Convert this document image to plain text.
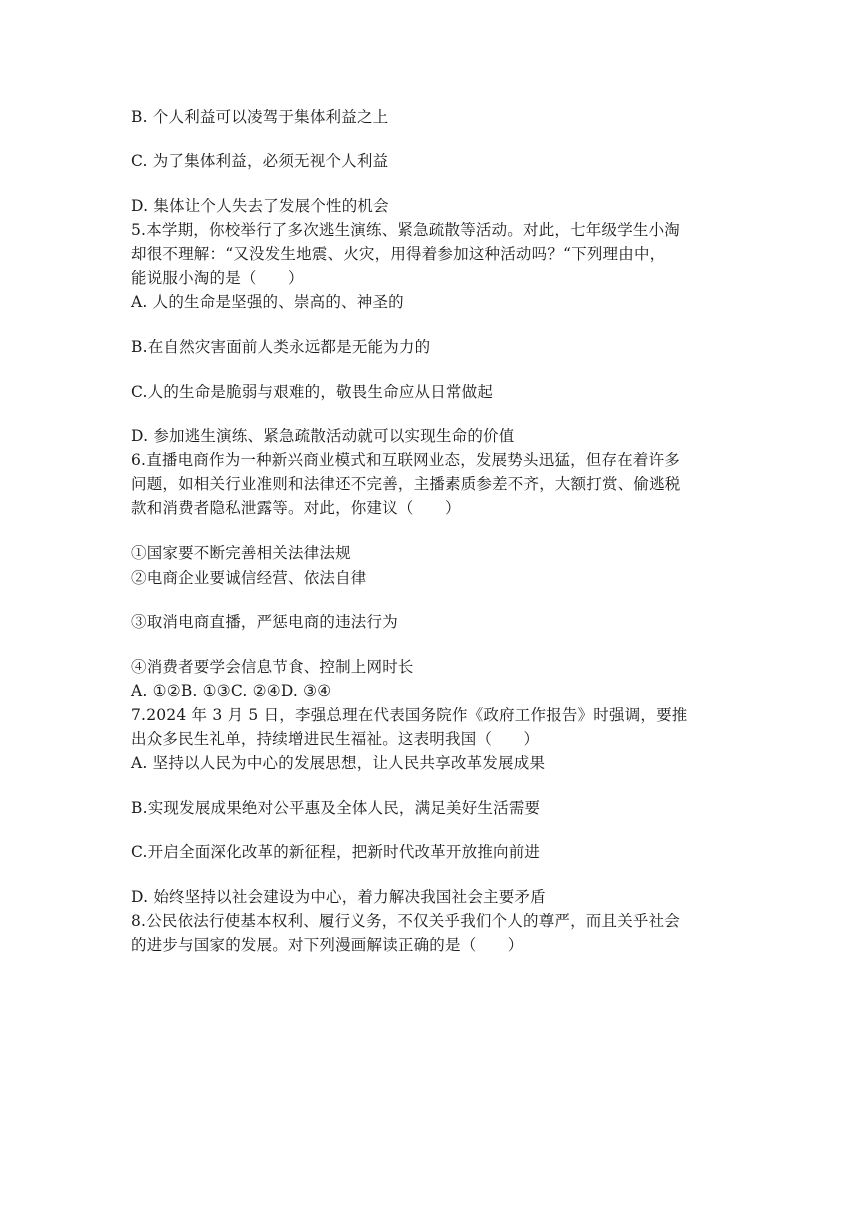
B. 个人利益可以凌驾于集体利益之上
C. 为了集体利益，必须无视个人利益
D. 集体让个人失去了发展个性的机会
5.本学期，你校举行了多次逃生演练、紧急疏散等活动。对此，七年级学生小淘
却很不理解：“又没发生地震、火灾，用得着参加这种活动吗？“下列理由中，
能说服小淘的是（　　）
A. 人的生命是坚强的、崇高的、神圣的
B.在自然灾害面前人类永远都是无能为力的
C.人的生命是脆弱与艰难的，敬畏生命应从日常做起
D. 参加逃生演练、紧急疏散活动就可以实现生命的价值
6.直播电商作为一种新兴商业模式和互联网业态，发展势头迅猛，但存在着许多
问题，如相关行业准则和法律还不完善，主播素质参差不齐，大额打赏、偷逃税
款和消费者隐私泄露等。对此，你建议（　　）
①国家要不断完善相关法律法规
②电商企业要诚信经营、依法自律
③取消电商直播，严惩电商的违法行为
④消费者要学会信息节食、控制上网时长
A. ①②B. ①③C. ②④D. ③④
7.2024 年 3 月 5 日，李强总理在代表国务院作《政府工作报告》时强调，要推
出众多民生礼单，持续增进民生福祉。这表明我国（　　）
A. 坚持以人民为中心的发展思想，让人民共享改革发展成果
B.实现发展成果绝对公平惠及全体人民，满足美好生活需要
C.开启全面深化改革的新征程，把新时代改革开放推向前进
D. 始终坚持以社会建设为中心，着力解决我国社会主要矛盾
8.公民依法行使基本权利、履行义务，不仅关乎我们个人的尊严，而且关乎社会
的进步与国家的发展。对下列漫画解读正确的是（　　）
